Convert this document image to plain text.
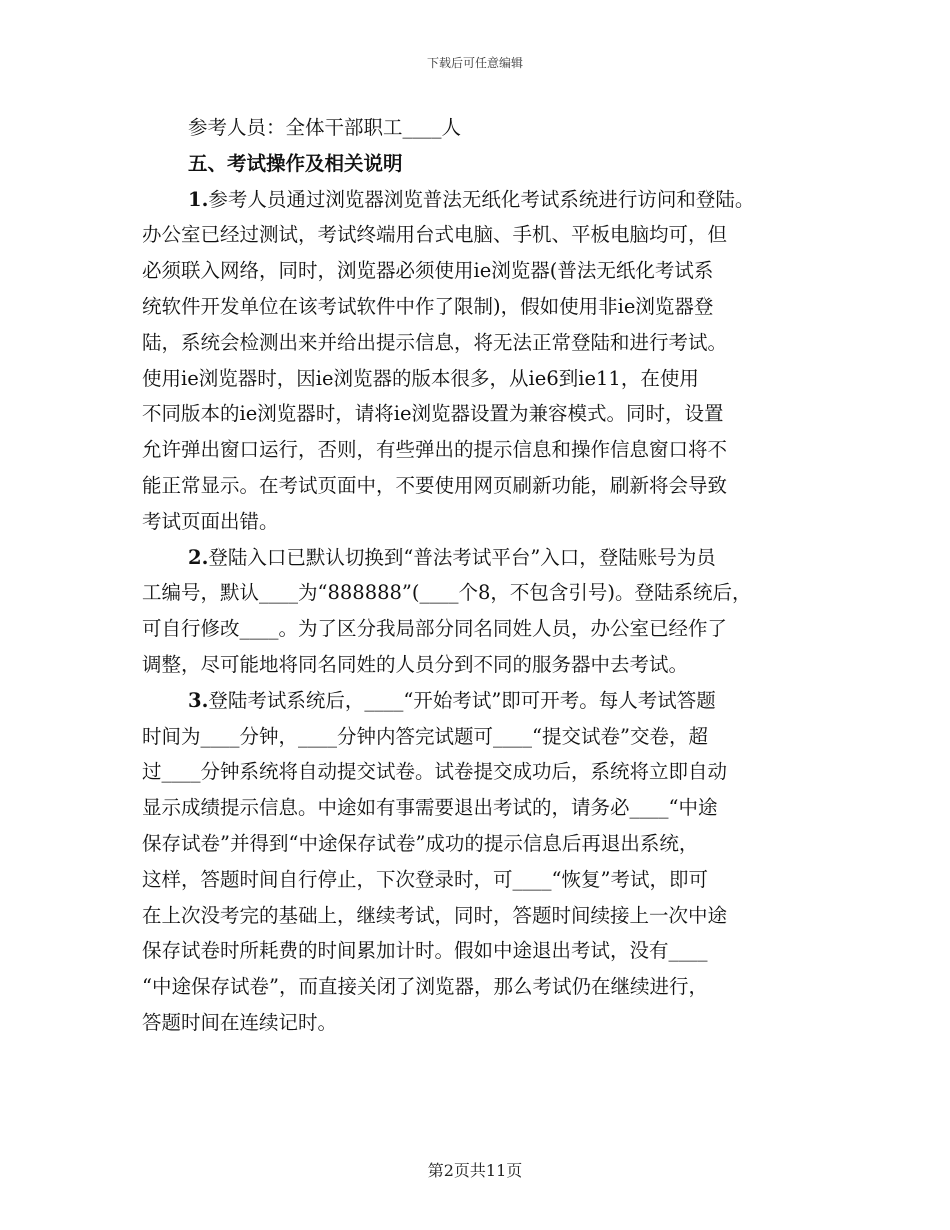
下载后可任意编辑
参考人员：全体干部职工____人
五、考试操作及相关说明
1.参考人员通过浏览器浏览普法无纸化考试系统进行访问和登陆。
办公室已经过测试，考试终端用台式电脑、手机、平板电脑均可，但
必须联入网络，同时，浏览器必须使用ie浏览器(普法无纸化考试系
统软件开发单位在该考试软件中作了限制)，假如使用非ie浏览器登
陆，系统会检测出来并给出提示信息，将无法正常登陆和进行考试。
使用ie浏览器时，因ie浏览器的版本很多，从ie6到ie11，在使用
不同版本的ie浏览器时，请将ie浏览器设置为兼容模式。同时，设置
允许弹出窗口运行，否则，有些弹出的提示信息和操作信息窗口将不
能正常显示。在考试页面中，不要使用网页刷新功能，刷新将会导致
考试页面出错。
2.登陆入口已默认切换到“普法考试平台”入口，登陆账号为员
工编号，默认____为“888888”(____个8，不包含引号)。登陆系统后，
可自行修改____。为了区分我局部分同名同姓人员，办公室已经作了
调整，尽可能地将同名同姓的人员分到不同的服务器中去考试。
3.登陆考试系统后，____“开始考试”即可开考。每人考试答题
时间为____分钟，____分钟内答完试题可____“提交试卷”交卷，超
过____分钟系统将自动提交试卷。试卷提交成功后，系统将立即自动
显示成绩提示信息。中途如有事需要退出考试的，请务必____“中途
保存试卷”并得到“中途保存试卷”成功的提示信息后再退出系统，
这样，答题时间自行停止，下次登录时，可____“恢复”考试，即可
在上次没考完的基础上，继续考试，同时，答题时间续接上一次中途
保存试卷时所耗费的时间累加计时。假如中途退出考试，没有____
“中途保存试卷”，而直接关闭了浏览器，那么考试仍在继续进行，
答题时间在连续记时。
第2页共11页
